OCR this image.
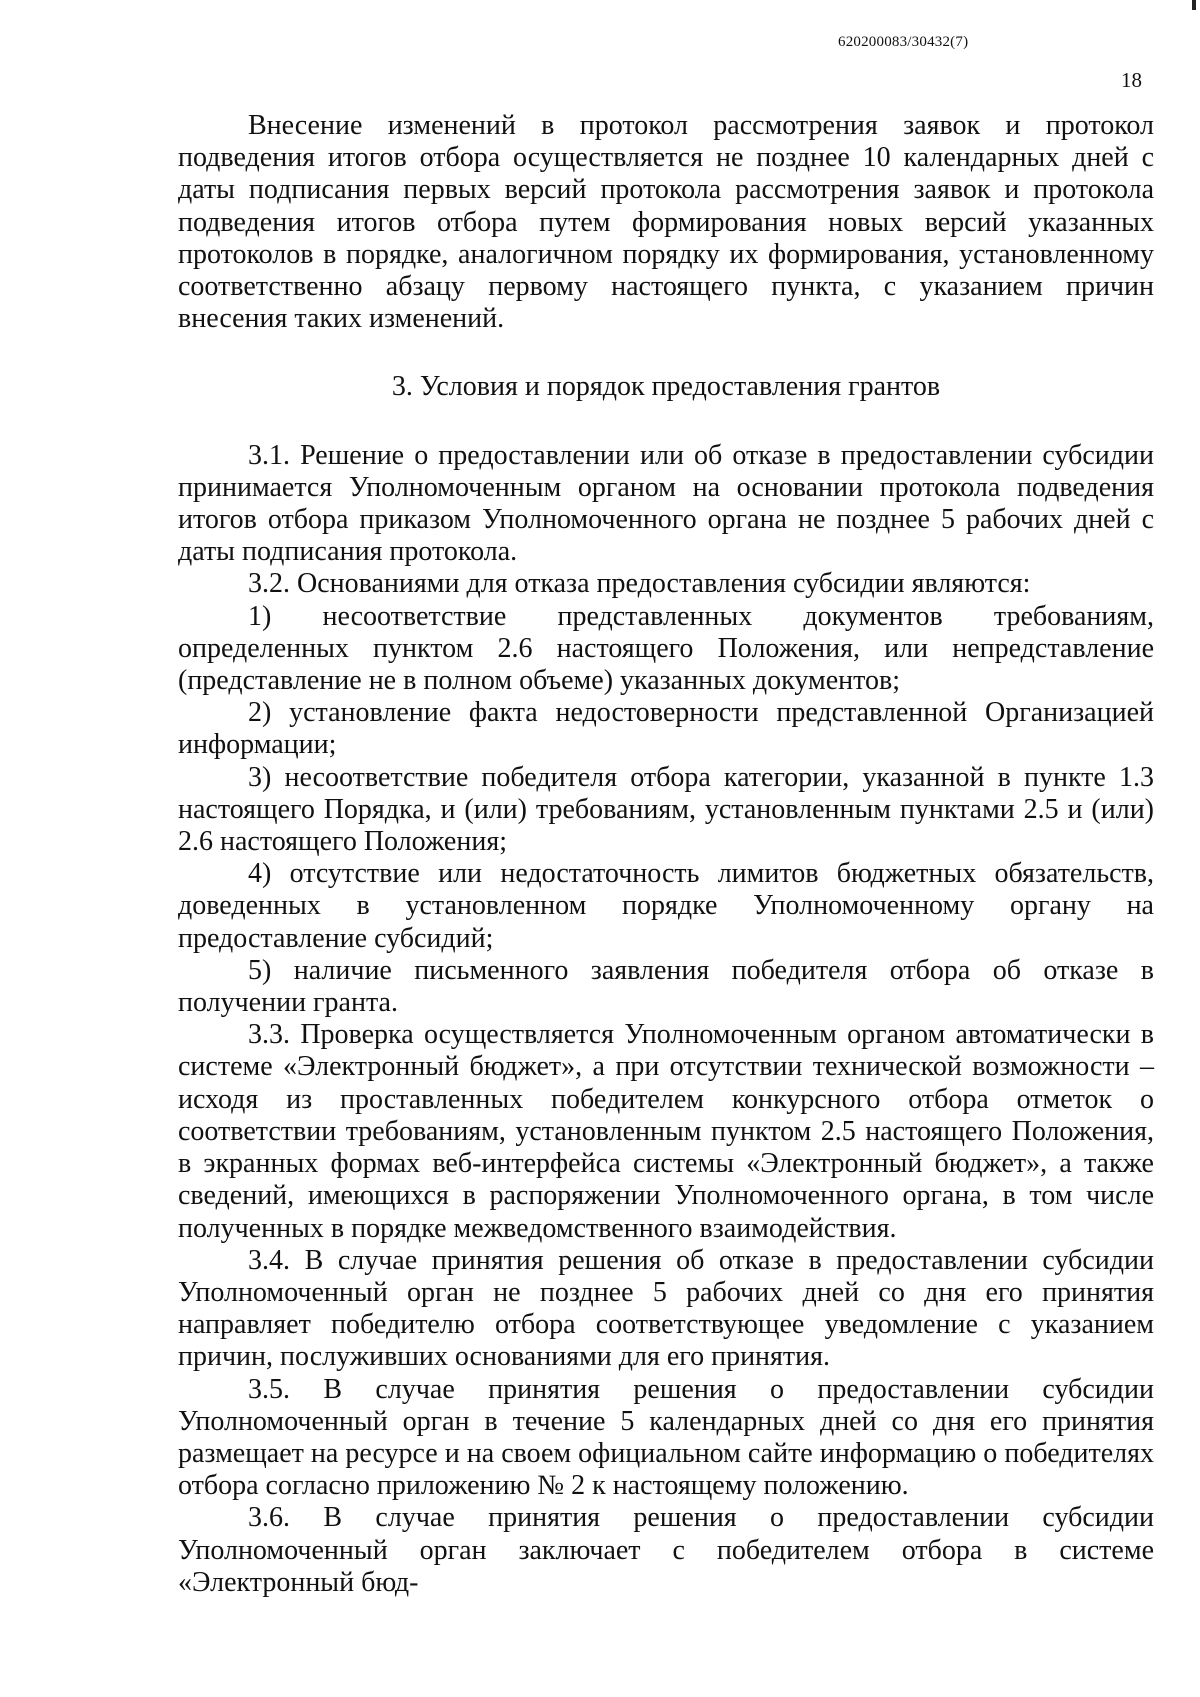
620200083/30432(7)
18

Внесение изменений в протокол рассмотрения заявок и протокол подведения итогов отбора осуществляется не позднее 10 календарных дней с даты подписания первых версий протокола рассмотрения заявок и протокола подведения итогов отбора путем формирования новых версий указанных протоколов в порядке, аналогичном порядку их формирования, установленному соответственно абзацу первому настоящего пункта, с указанием причин внесения таких изменений.

3. Условия и порядок предоставления грантов

3.1. Решение о предоставлении или об отказе в предоставлении субсидии принимается Уполномоченным органом на основании протокола подведения итогов отбора приказом Уполномоченного органа не позднее 5 рабочих дней с даты подписания протокола.

3.2. Основаниями для отказа предоставления субсидии являются:

1) несоответствие представленных документов требованиям, определенных пунктом 2.6 настоящего Положения, или непредставление (представление не в полном объеме) указанных документов;

2) установление факта недостоверности представленной Организацией информации;

3) несоответствие победителя отбора категории, указанной в пункте 1.3 настоящего Порядка, и (или) требованиям, установленным пунктами 2.5 и (или) 2.6 настоящего Положения;

4) отсутствие или недостаточность лимитов бюджетных обязательств, доведенных в установленном порядке Уполномоченному органу на предоставление субсидий;

5) наличие письменного заявления победителя отбора об отказе в получении гранта.

3.3. Проверка осуществляется Уполномоченным органом автоматически в системе «Электронный бюджет», а при отсутствии технической возможности – исходя из проставленных победителем конкурсного отбора отметок о соответствии требованиям, установленным пунктом 2.5 настоящего Положения, в экранных формах веб-интерфейса системы «Электронный бюджет», а также сведений, имеющихся в распоряжении Уполномоченного органа, в том числе полученных в порядке межведомственного взаимодействия.

3.4. В случае принятия решения об отказе в предоставлении субсидии Уполномоченный орган не позднее 5 рабочих дней со дня его принятия направляет победителю отбора соответствующее уведомление с указанием причин, послуживших основаниями для его принятия.

3.5. В случае принятия решения о предоставлении субсидии Уполномоченный орган в течение 5 календарных дней со дня его принятия размещает на ресурсе и на своем официальном сайте информацию о победителях отбора согласно приложению № 2 к настоящему положению.

3.6. В случае принятия решения о предоставлении субсидии Уполномоченный орган заключает с победителем отбора в системе «Электронный бюд-
